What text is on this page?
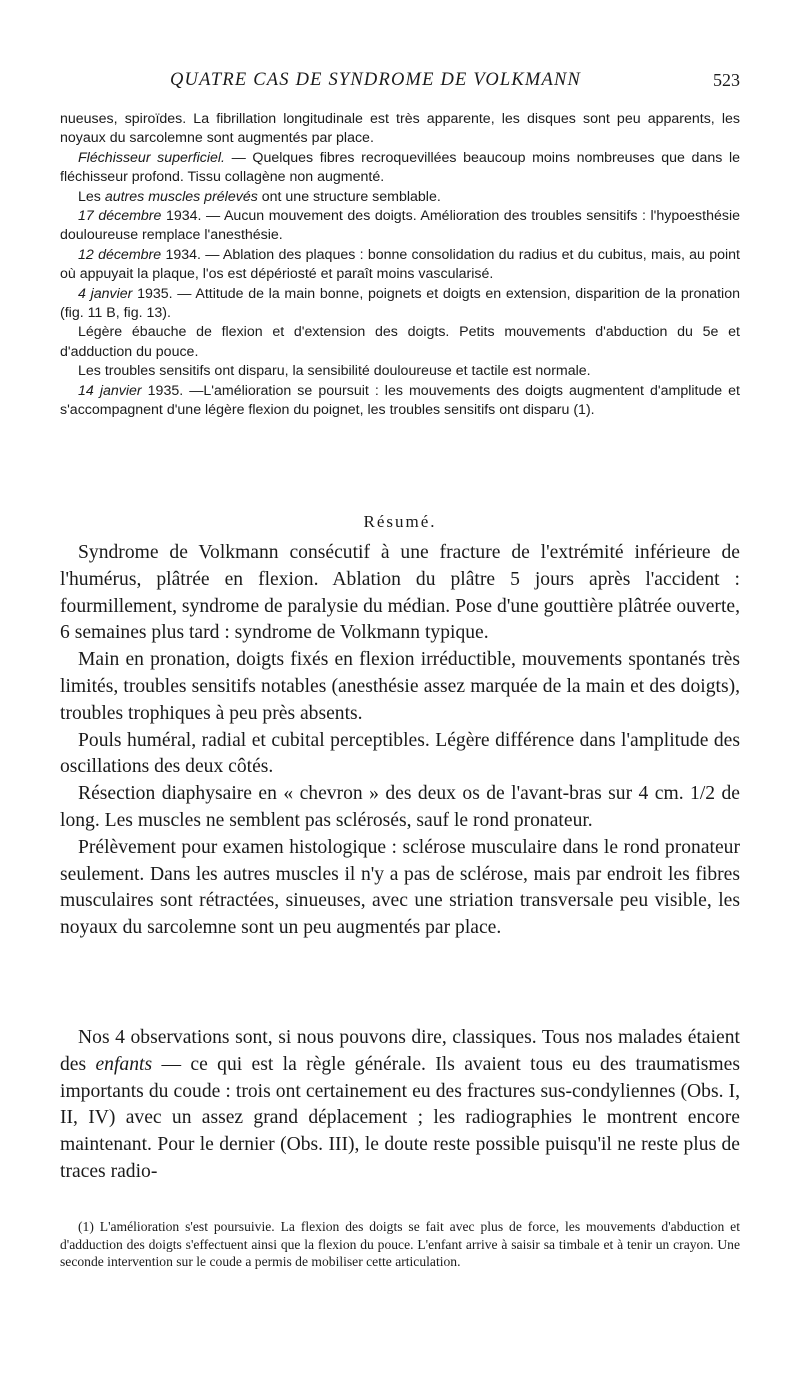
QUATRE CAS DE SYNDROME DE VOLKMANN	523

nueuses, spiroïdes. La fibrillation longitudinale est très apparente, les disques sont peu apparents, les noyaux du sarcolemne sont augmentés par place.

Fléchisseur superficiel. — Quelques fibres recroquevillées beaucoup moins nombreuses que dans le fléchisseur profond. Tissu collagène non augmenté.

Les autres muscles prélevés ont une structure semblable.

17 décembre 1934. — Aucun mouvement des doigts. Amélioration des troubles sensitifs : l'hypoesthésie douloureuse remplace l'anesthésie.

12 décembre 1934. — Ablation des plaques : bonne consolidation du radius et du cubitus, mais, au point où appuyait la plaque, l'os est dépériosté et paraît moins vascularisé.

4 janvier 1935. — Attitude de la main bonne, poignets et doigts en extension, disparition de la pronation (fig. 11 B, fig. 13).

Légère ébauche de flexion et d'extension des doigts. Petits mouvements d'abduction du 5e et d'adduction du pouce.

Les troubles sensitifs ont disparu, la sensibilité douloureuse et tactile est normale.

14 janvier 1935. —L'amélioration se poursuit : les mouvements des doigts augmentent d'amplitude et s'accompagnent d'une légère flexion du poignet, les troubles sensitifs ont disparu (1).

Résumé.

Syndrome de Volkmann consécutif à une fracture de l'extrémité inférieure de l'humérus, plâtrée en flexion. Ablation du plâtre 5 jours après l'accident : fourmillement, syndrome de paralysie du médian. Pose d'une gouttière plâtrée ouverte, 6 semaines plus tard : syndrome de Volkmann typique.

Main en pronation, doigts fixés en flexion irréductible, mouvements spontanés très limités, troubles sensitifs notables (anesthésie assez marquée de la main et des doigts), troubles trophiques à peu près absents.

Pouls huméral, radial et cubital perceptibles. Légère différence dans l'amplitude des oscillations des deux côtés.

Résection diaphysaire en « chevron » des deux os de l'avant-bras sur 4 cm. 1/2 de long. Les muscles ne semblent pas sclérosés, sauf le rond pronateur.

Prélèvement pour examen histologique : sclérose musculaire dans le rond pronateur seulement. Dans les autres muscles il n'y a pas de sclérose, mais par endroit les fibres musculaires sont rétractées, sinueuses, avec une striation transversale peu visible, les noyaux du sarcolemne sont un peu augmentés par place.

Nos 4 observations sont, si nous pouvons dire, classiques. Tous nos malades étaient des enfants — ce qui est la règle générale. Ils avaient tous eu des traumatismes importants du coude : trois ont certainement eu des fractures sus-condyliennes (Obs. I, II, IV) avec un assez grand déplacement ; les radiographies le montrent encore maintenant. Pour le dernier (Obs. III), le doute reste possible puisqu'il ne reste plus de traces radio-

(1) L'amélioration s'est poursuivie. La flexion des doigts se fait avec plus de force, les mouvements d'abduction et d'adduction des doigts s'effectuent ainsi que la flexion du pouce. L'enfant arrive à saisir sa timbale et à tenir un crayon. Une seconde intervention sur le coude a permis de mobiliser cette articulation.
